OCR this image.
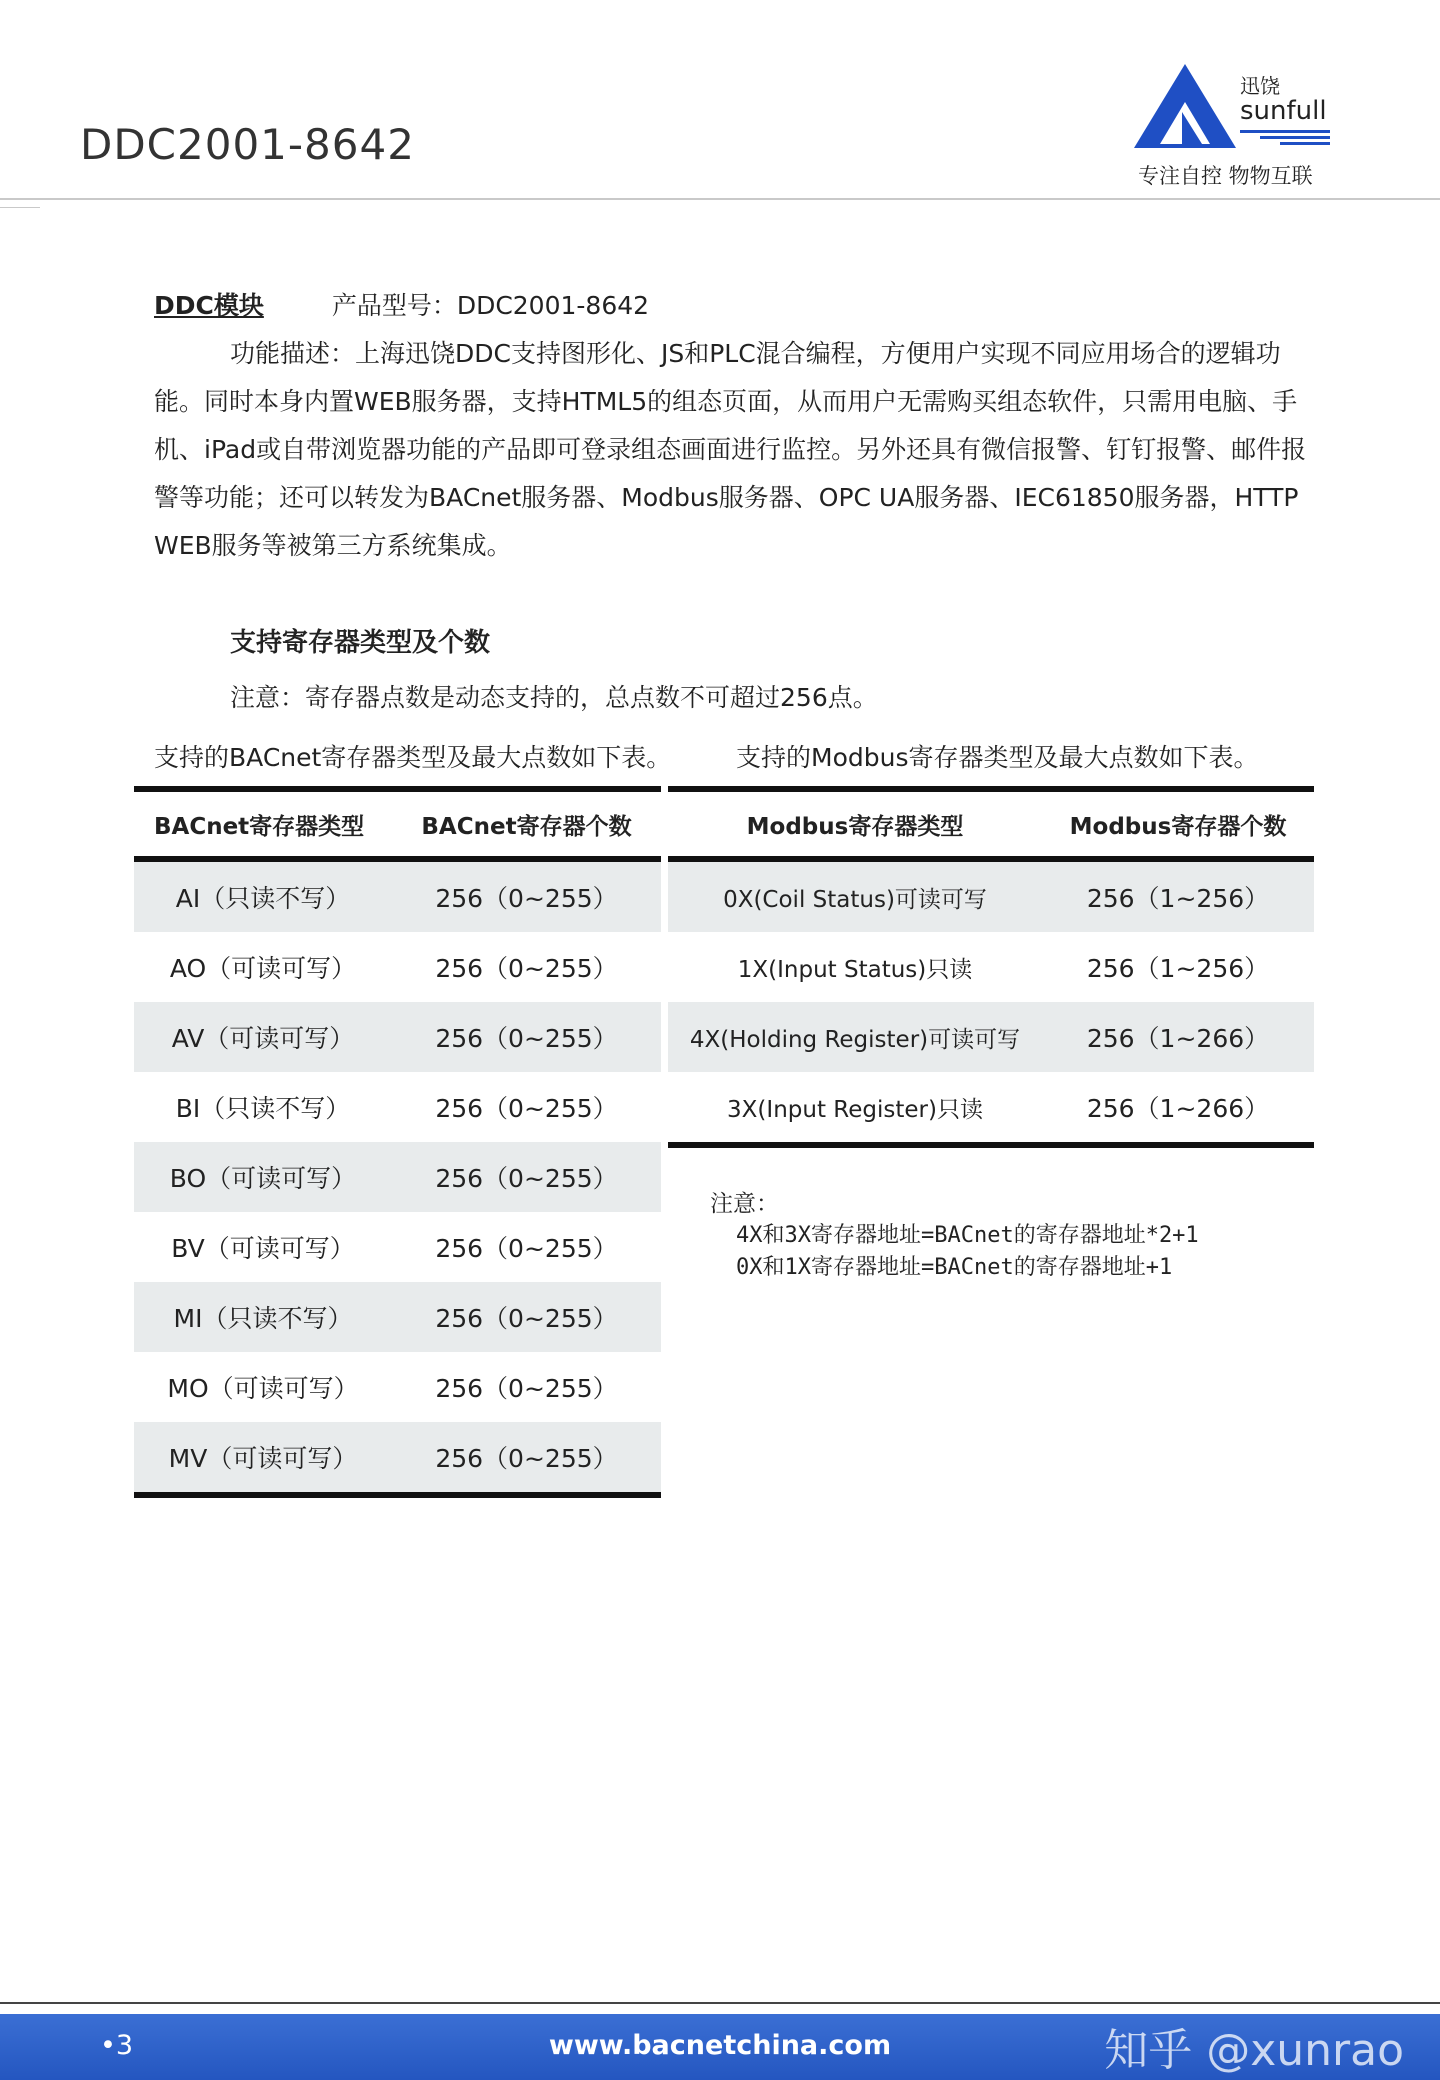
DDC2001-8642
迅饶
sunfull
专注自控 物物互联
DDC模块	产品型号：DDC2001-8642
功能描述：上海迅饶DDC支持图形化、JS和PLC混合编程，方便用户实现不同应用场合的逻辑功能。同时本身内置WEB服务器，支持HTML5的组态页面，从而用户无需购买组态软件，只需用电脑、手机、iPad或自带浏览器功能的产品即可登录组态画面进行监控。另外还具有微信报警、钉钉报警、邮件报警等功能；还可以转发为BACnet服务器、Modbus服务器、OPC UA服务器、IEC61850服务器，HTTP WEB服务等被第三方系统集成。
支持寄存器类型及个数
注意：寄存器点数是动态支持的，总点数不可超过256点。
支持的BACnet寄存器类型及最大点数如下表。	支持的Modbus寄存器类型及最大点数如下表。
BACnet寄存器类型	BACnet寄存器个数
AI（只读不写）	256（0~255）
AO（可读可写）	256（0~255）
AV（可读可写）	256（0~255）
BI（只读不写）	256（0~255）
BO（可读可写）	256（0~255）
BV（可读可写）	256（0~255）
MI（只读不写）	256（0~255）
MO（可读可写）	256（0~255）
MV（可读可写）	256（0~255）
Modbus寄存器类型	Modbus寄存器个数
0X(Coil Status)可读可写	256（1~256）
1X(Input Status)只读	256（1~256）
4X(Holding Register)可读可写	256（1~266）
3X(Input Register)只读	256（1~266）
注意：
4X和3X寄存器地址=BACnet的寄存器地址*2+1
0X和1X寄存器地址=BACnet的寄存器地址+1
•3	www.bacnetchina.com	知乎 @xunrao
